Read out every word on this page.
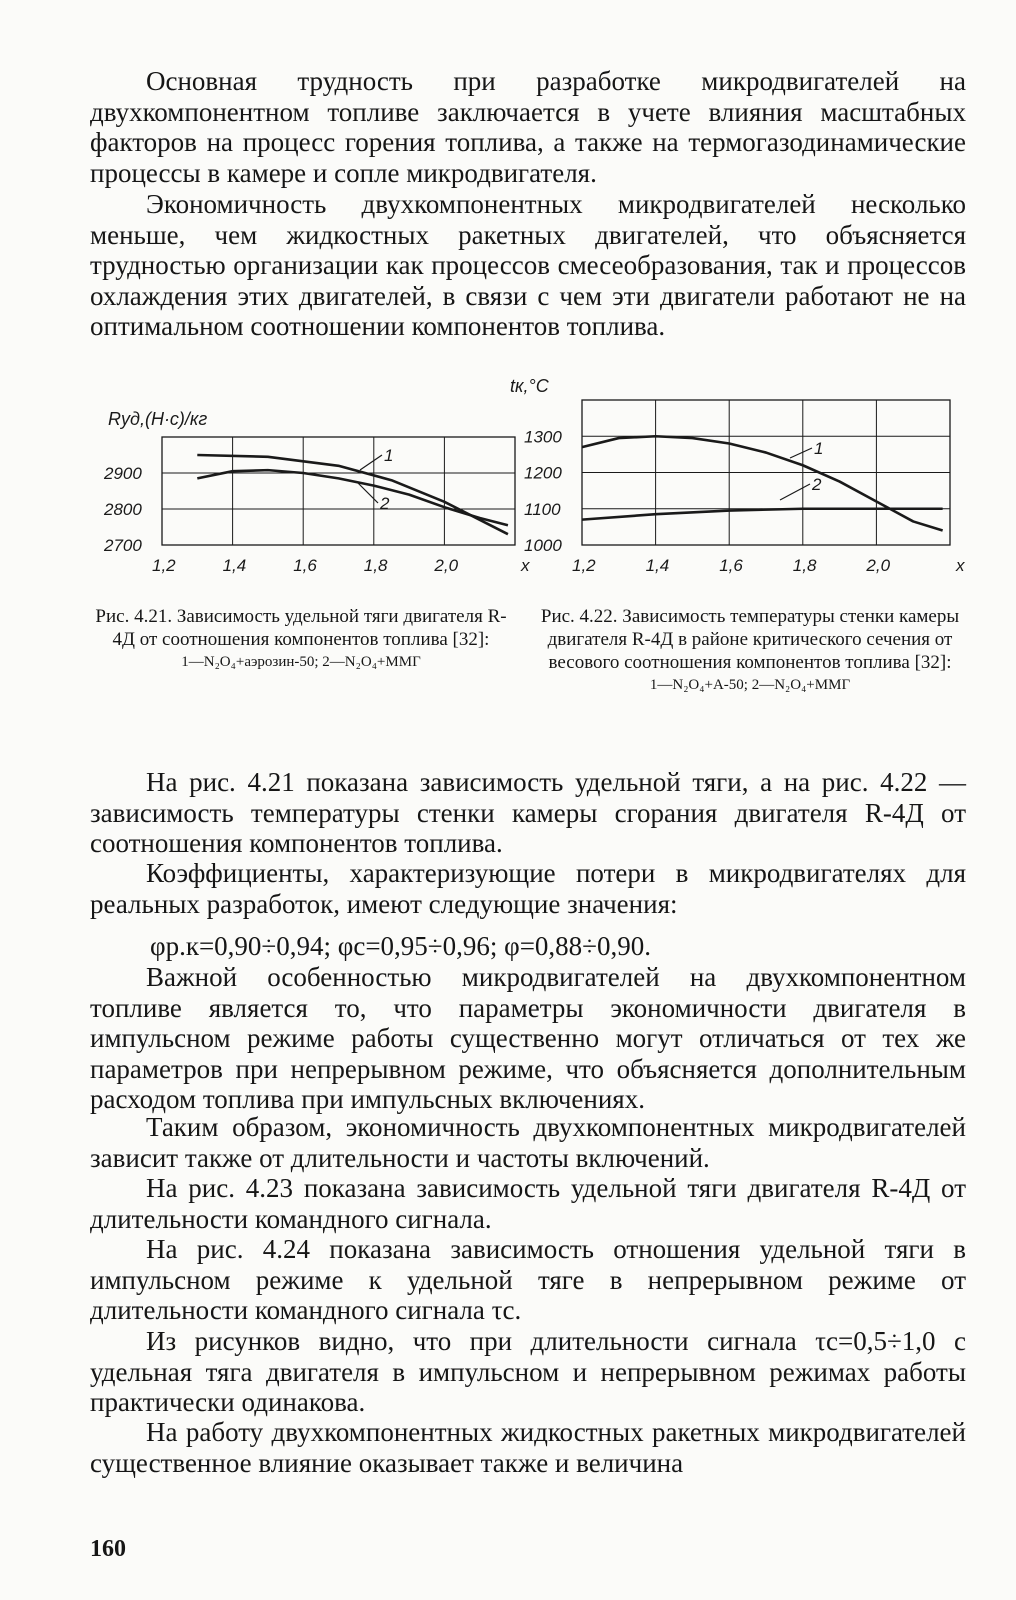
Основная трудность при разработке микродвигателей на двухкомпонентном топливе заключается в учете влияния масштабных факторов на процесс горения топлива, а также на термогазодинамические процессы в камере и сопле микродвигателя.

Экономичность двухкомпонентных микродвигателей несколько меньше, чем жидкостных ракетных двигателей, что объясняется трудностью организации как процессов смесеобразования, так и процессов охлаждения этих двигателей, в связи с чем эти двигатели работают не на оптимальном соотношении компонентов топлива.

1,2	1,4	1,6	1,8	2,0
2900
2800
2700
Rуд,(Н·с)/кг
x
1
2
1,2	1,4	1,6	1,8	2,0
1300
1200
1100
1000
tк,°С
x
1
2
Рис. 4.21. Зависимость удельной тяги двигателя R-4Д от соотношения компонентов топлива [32]:
1—N₂O₄+аэрозин-50; 2—N₂O₄+ММГ
Рис. 4.22. Зависимость температуры стенки камеры двигателя R-4Д в районе критического сечения от весового соотношения компонентов топлива [32]:
1—N₂O₄+А-50; 2—N₂O₄+ММГ

На рис. 4.21 показана зависимость удельной тяги, а на рис. 4.22 — зависимость температуры стенки камеры сгорания двигателя R-4Д от соотношения компонентов топлива.

Коэффициенты, характеризующие потери в микродвигателях для реальных разработок, имеют следующие значения:

φр.к=0,90÷0,94; φс=0,95÷0,96; φ=0,88÷0,90.

Важной особенностью микродвигателей на двухкомпонентном топливе является то, что параметры экономичности двигателя в импульсном режиме работы существенно могут отличаться от тех же параметров при непрерывном режиме, что объясняется дополнительным расходом топлива при импульсных включениях.

Таким образом, экономичность двухкомпонентных микродвигателей зависит также от длительности и частоты включений.

На рис. 4.23 показана зависимость удельной тяги двигателя R-4Д от длительности командного сигнала.

На рис. 4.24 показана зависимость отношения удельной тяги в импульсном режиме к удельной тяге в непрерывном режиме от длительности командного сигнала τс.

Из рисунков видно, что при длительности сигнала τс=0,5÷1,0 с удельная тяга двигателя в импульсном и непрерывном режимах работы практически одинакова.

На работу двухкомпонентных жидкостных ракетных микродвигателей существенное влияние оказывает также и величина

160
